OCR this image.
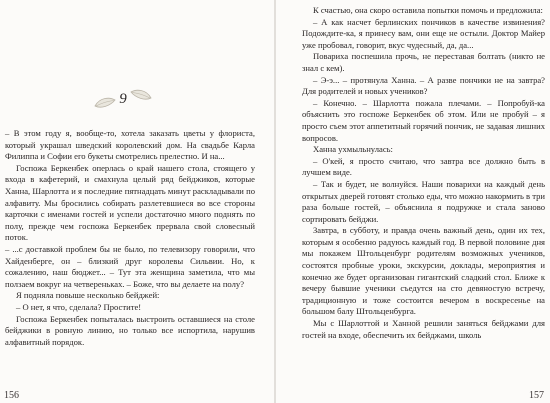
9

– В этом году я, вообще-то, хотела заказать цветы у флориста, который украшал шведский королевский дом. На свадьбе Карла Филиппа и Софии его букеты смотрелись прелестно. И на...

Госпожа Беркенбек оперлась о край нашего стола, стоящего у входа в кафетерий, и смахнула целый ряд бейджиков, которые Ханна, Шарлотта и я последние пятнадцать минут раскладывали по алфавиту. Мы бросились собирать разлетевшиеся во все стороны карточки с именами гостей и успели достаточно много поднять по полу, прежде чем госпожа Беркенбек прервала свой словесный поток.

– ...с доставкой проблем бы не было, по телевизору говорили, что Хайденберге, он – близкий друг королевы Сильвии. Но, к сожалению, наш бюджет... – Тут эта женщина заметила, что мы ползаем вокруг на четвереньках. – Боже, что вы делаете на полу?

Я подняла повыше несколько бейджей:

– О нет, я что, сделала? Простите!

Госпожа Беркенбек попыталась выстроить оставшиеся на столе бейджики в ровную линию, но только все испортила, нарушив алфавитный порядок.

156

К счастью, она скоро оставила попытки помочь и предложила:

– А как насчет берлинских пончиков в качестве извинения? Подождите-ка, я принесу вам, они еще не остыли. Доктор Майер уже пробовал, говорит, вкус чудесный, да, да...

Повариха поспешила прочь, не переставая болтать (никто не знал с кем).

– Э-э... – протянула Ханна. – А разве пончики не на завтра? Для родителей и новых учеников?

– Конечно. – Шарлотта пожала плечами. – Попробуй-ка объяснить это госпоже Беркенбек об этом. Или не пробуй – я просто съем этот аппетитный горячий пончик, не задавая лишних вопросов.

Ханна ухмыльнулась:

– О'кей, я просто считаю, что завтра все должно быть в лучшем виде.

– Так и будет, не волнуйся. Наши поварихи на каждый день открытых дверей готовят столько еды, что можно накормить в три раза больше гостей, – объяснила я подружке и стала заново сортировать бейджи.

Завтра, в субботу, и правда очень важный день, один их тех, которым я особенно радуюсь каждый год. В первой половине дня мы покажем Штольценбург родителям возможных учеников, состоятся пробные уроки, экскурсии, доклады, мероприятия и конечно же будет организован гигантский сладкий стол. Ближе к вечеру бывшие ученики съедутся на сто девяностую встречу, традиционную и тоже состоится вечером в воскресенье на большом балу Штольценбурга.

Мы с Шарлоттой и Ханной решили заняться бейджами для гостей на входе, обеспечить их бейджами, школь

157
